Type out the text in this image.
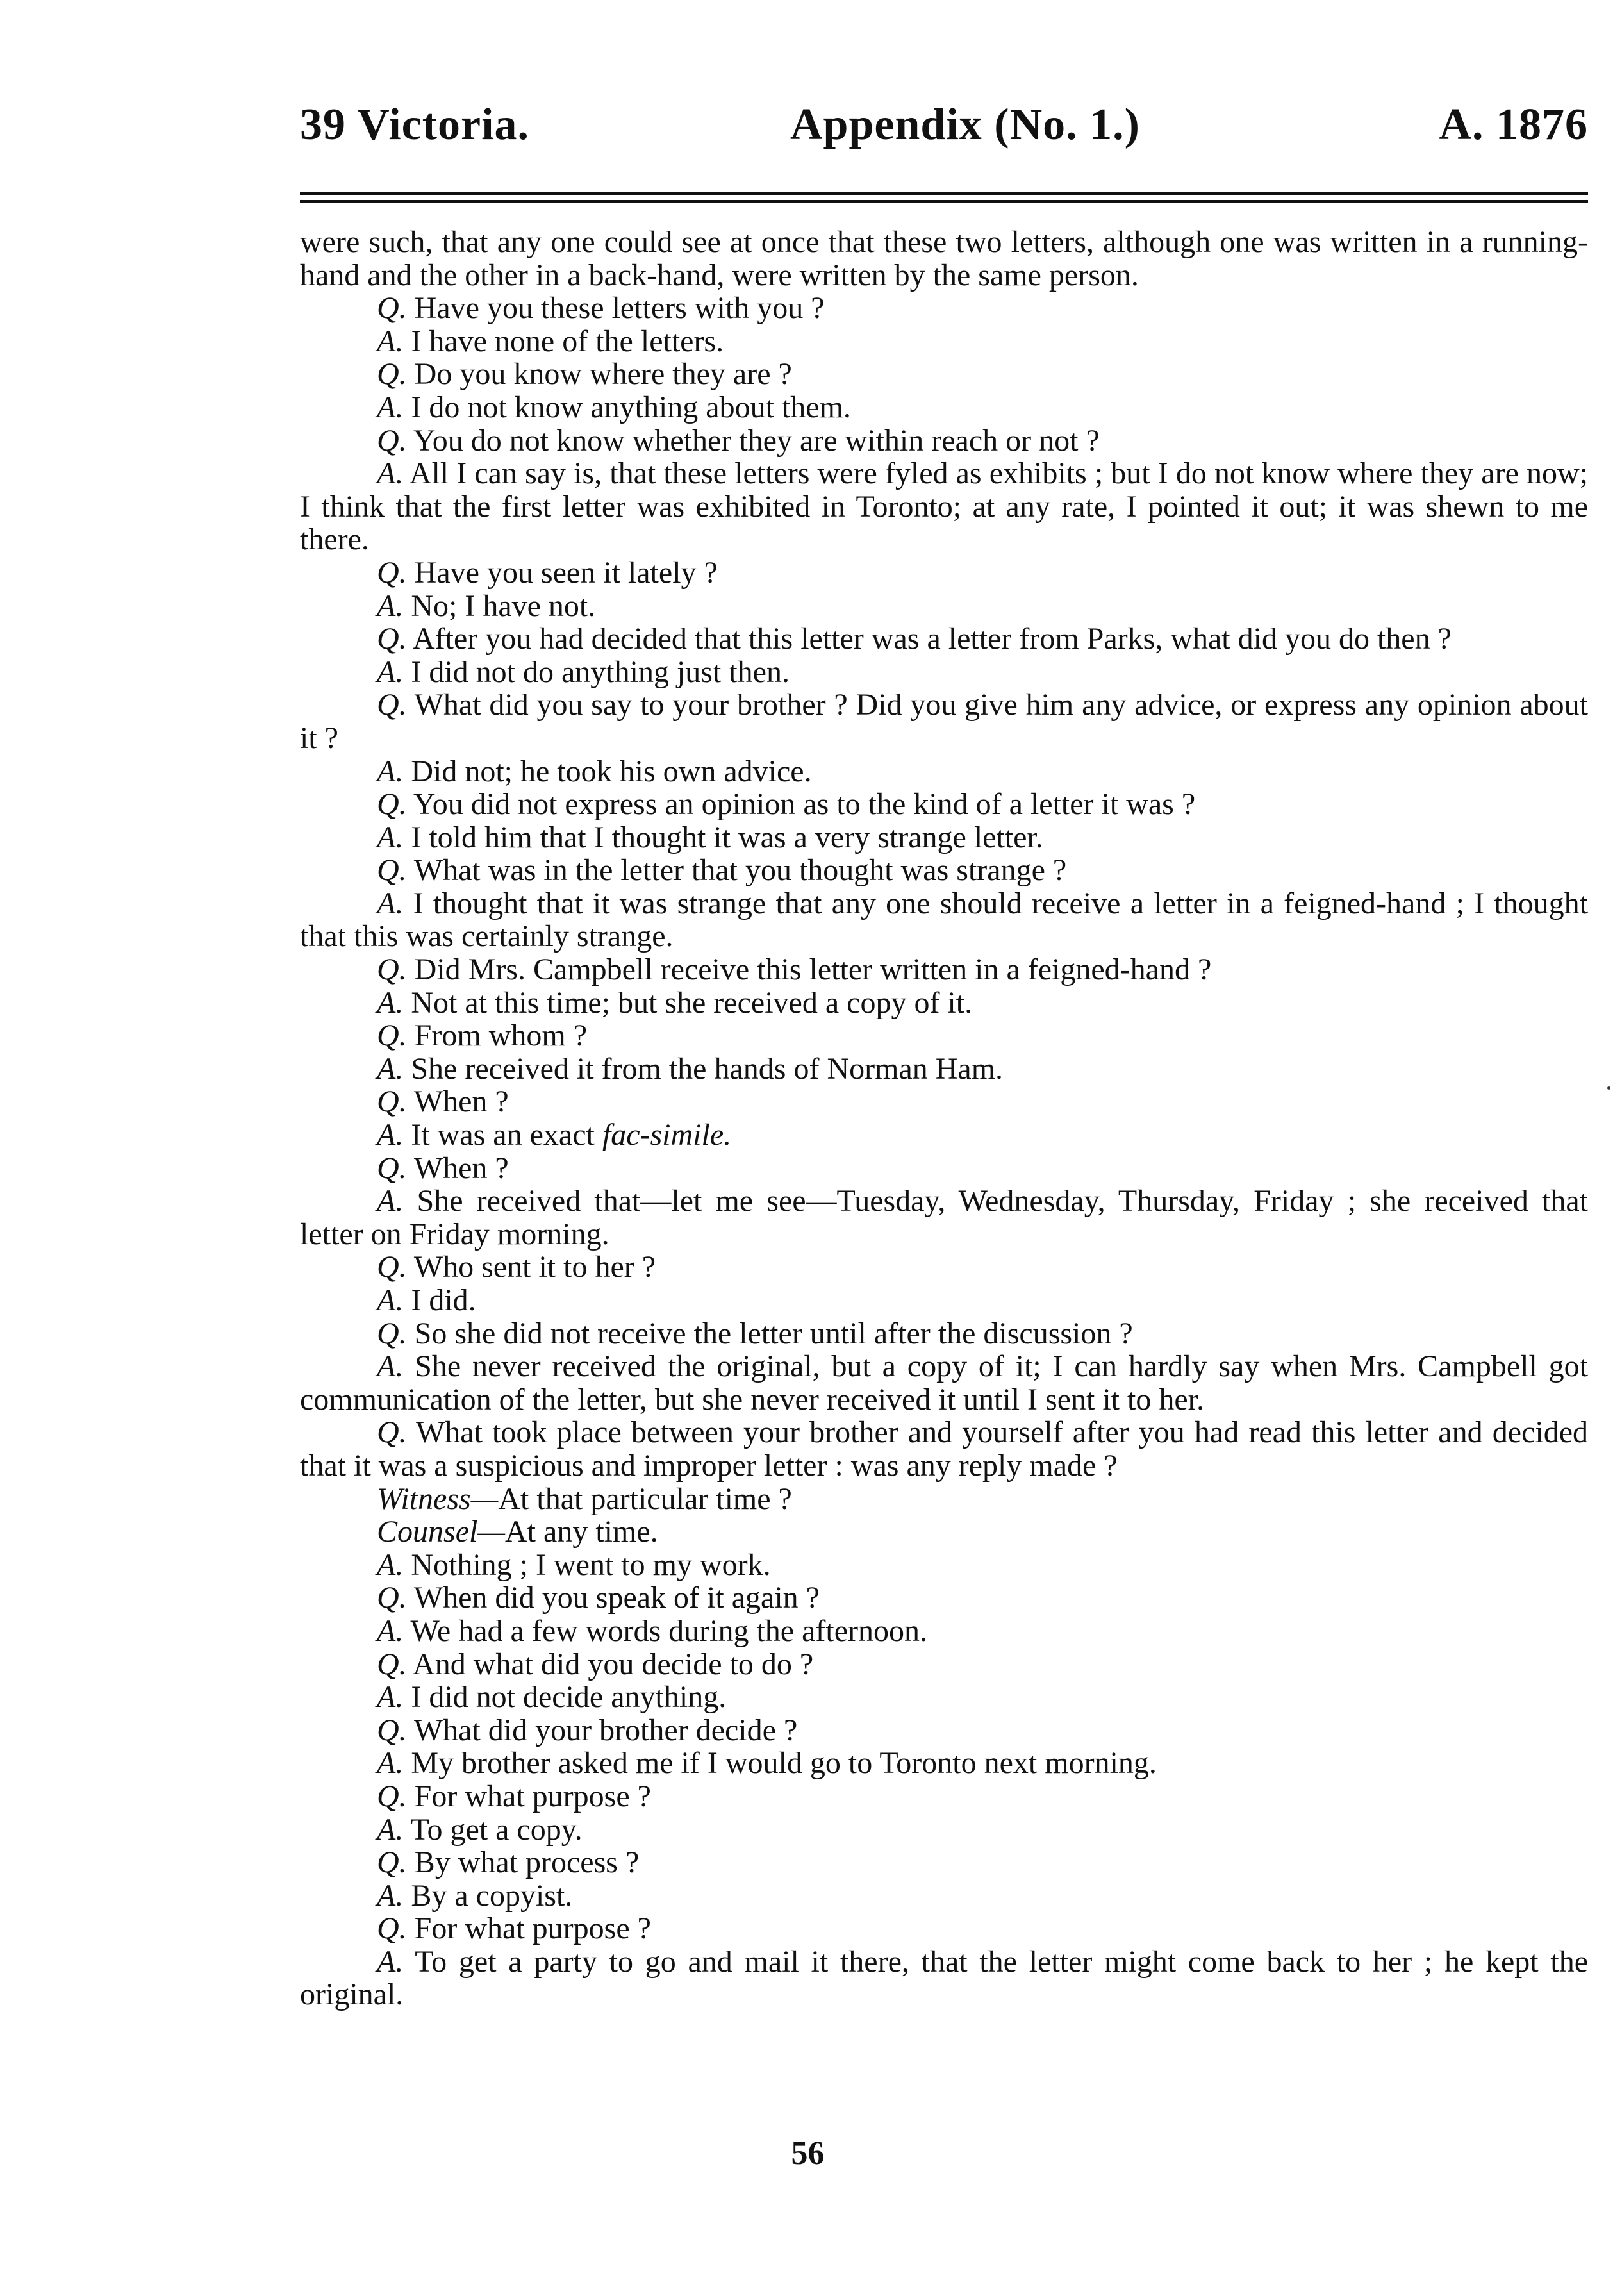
39 Victoria.	Appendix (No. 1.)	A. 1876

were such, that any one could see at once that these two letters, although one was written in a running-hand and the other in a back-hand, were written by the same person.

Q. Have you these letters with you ?

A. I have none of the letters.

Q. Do you know where they are ?

A. I do not know anything about them.

Q. You do not know whether they are within reach or not ?

A. All I can say is, that these letters were fyled as exhibits ; but I do not know where they are now; I think that the first letter was exhibited in Toronto; at any rate, I pointed it out; it was shewn to me there.

Q. Have you seen it lately ?

A. No; I have not.

Q. After you had decided that this letter was a letter from Parks, what did you do then ?

A. I did not do anything just then.

Q. What did you say to your brother ? Did you give him any advice, or express any opinion about it ?

A. Did not; he took his own advice.

Q. You did not express an opinion as to the kind of a letter it was ?

A. I told him that I thought it was a very strange letter.

Q. What was in the letter that you thought was strange ?

A. I thought that it was strange that any one should receive a letter in a feigned-hand ; I thought that this was certainly strange.

Q. Did Mrs. Campbell receive this letter written in a feigned-hand ?

A. Not at this time; but she received a copy of it.

Q. From whom ?

A. She received it from the hands of Norman Ham.

Q. When ?

A. It was an exact fac-simile.

Q. When ?

A. She received that—let me see—Tuesday, Wednesday, Thursday, Friday ; she received that letter on Friday morning.

Q. Who sent it to her ?

A. I did.

Q. So she did not receive the letter until after the discussion ?

A. She never received the original, but a copy of it; I can hardly say when Mrs. Campbell got communication of the letter, but she never received it until I sent it to her.

Q. What took place between your brother and yourself after you had read this letter and decided that it was a suspicious and improper letter : was any reply made ?

Witness—At that particular time ?

Counsel—At any time.

A. Nothing ; I went to my work.

Q. When did you speak of it again ?

A. We had a few words during the afternoon.

Q. And what did you decide to do ?

A. I did not decide anything.

Q. What did your brother decide ?

A. My brother asked me if I would go to Toronto next morning.

Q. For what purpose ?

A. To get a copy.

Q. By what process ?

A. By a copyist.

Q. For what purpose ?

A. To get a party to go and mail it there, that the letter might come back to her ; he kept the original.

56
